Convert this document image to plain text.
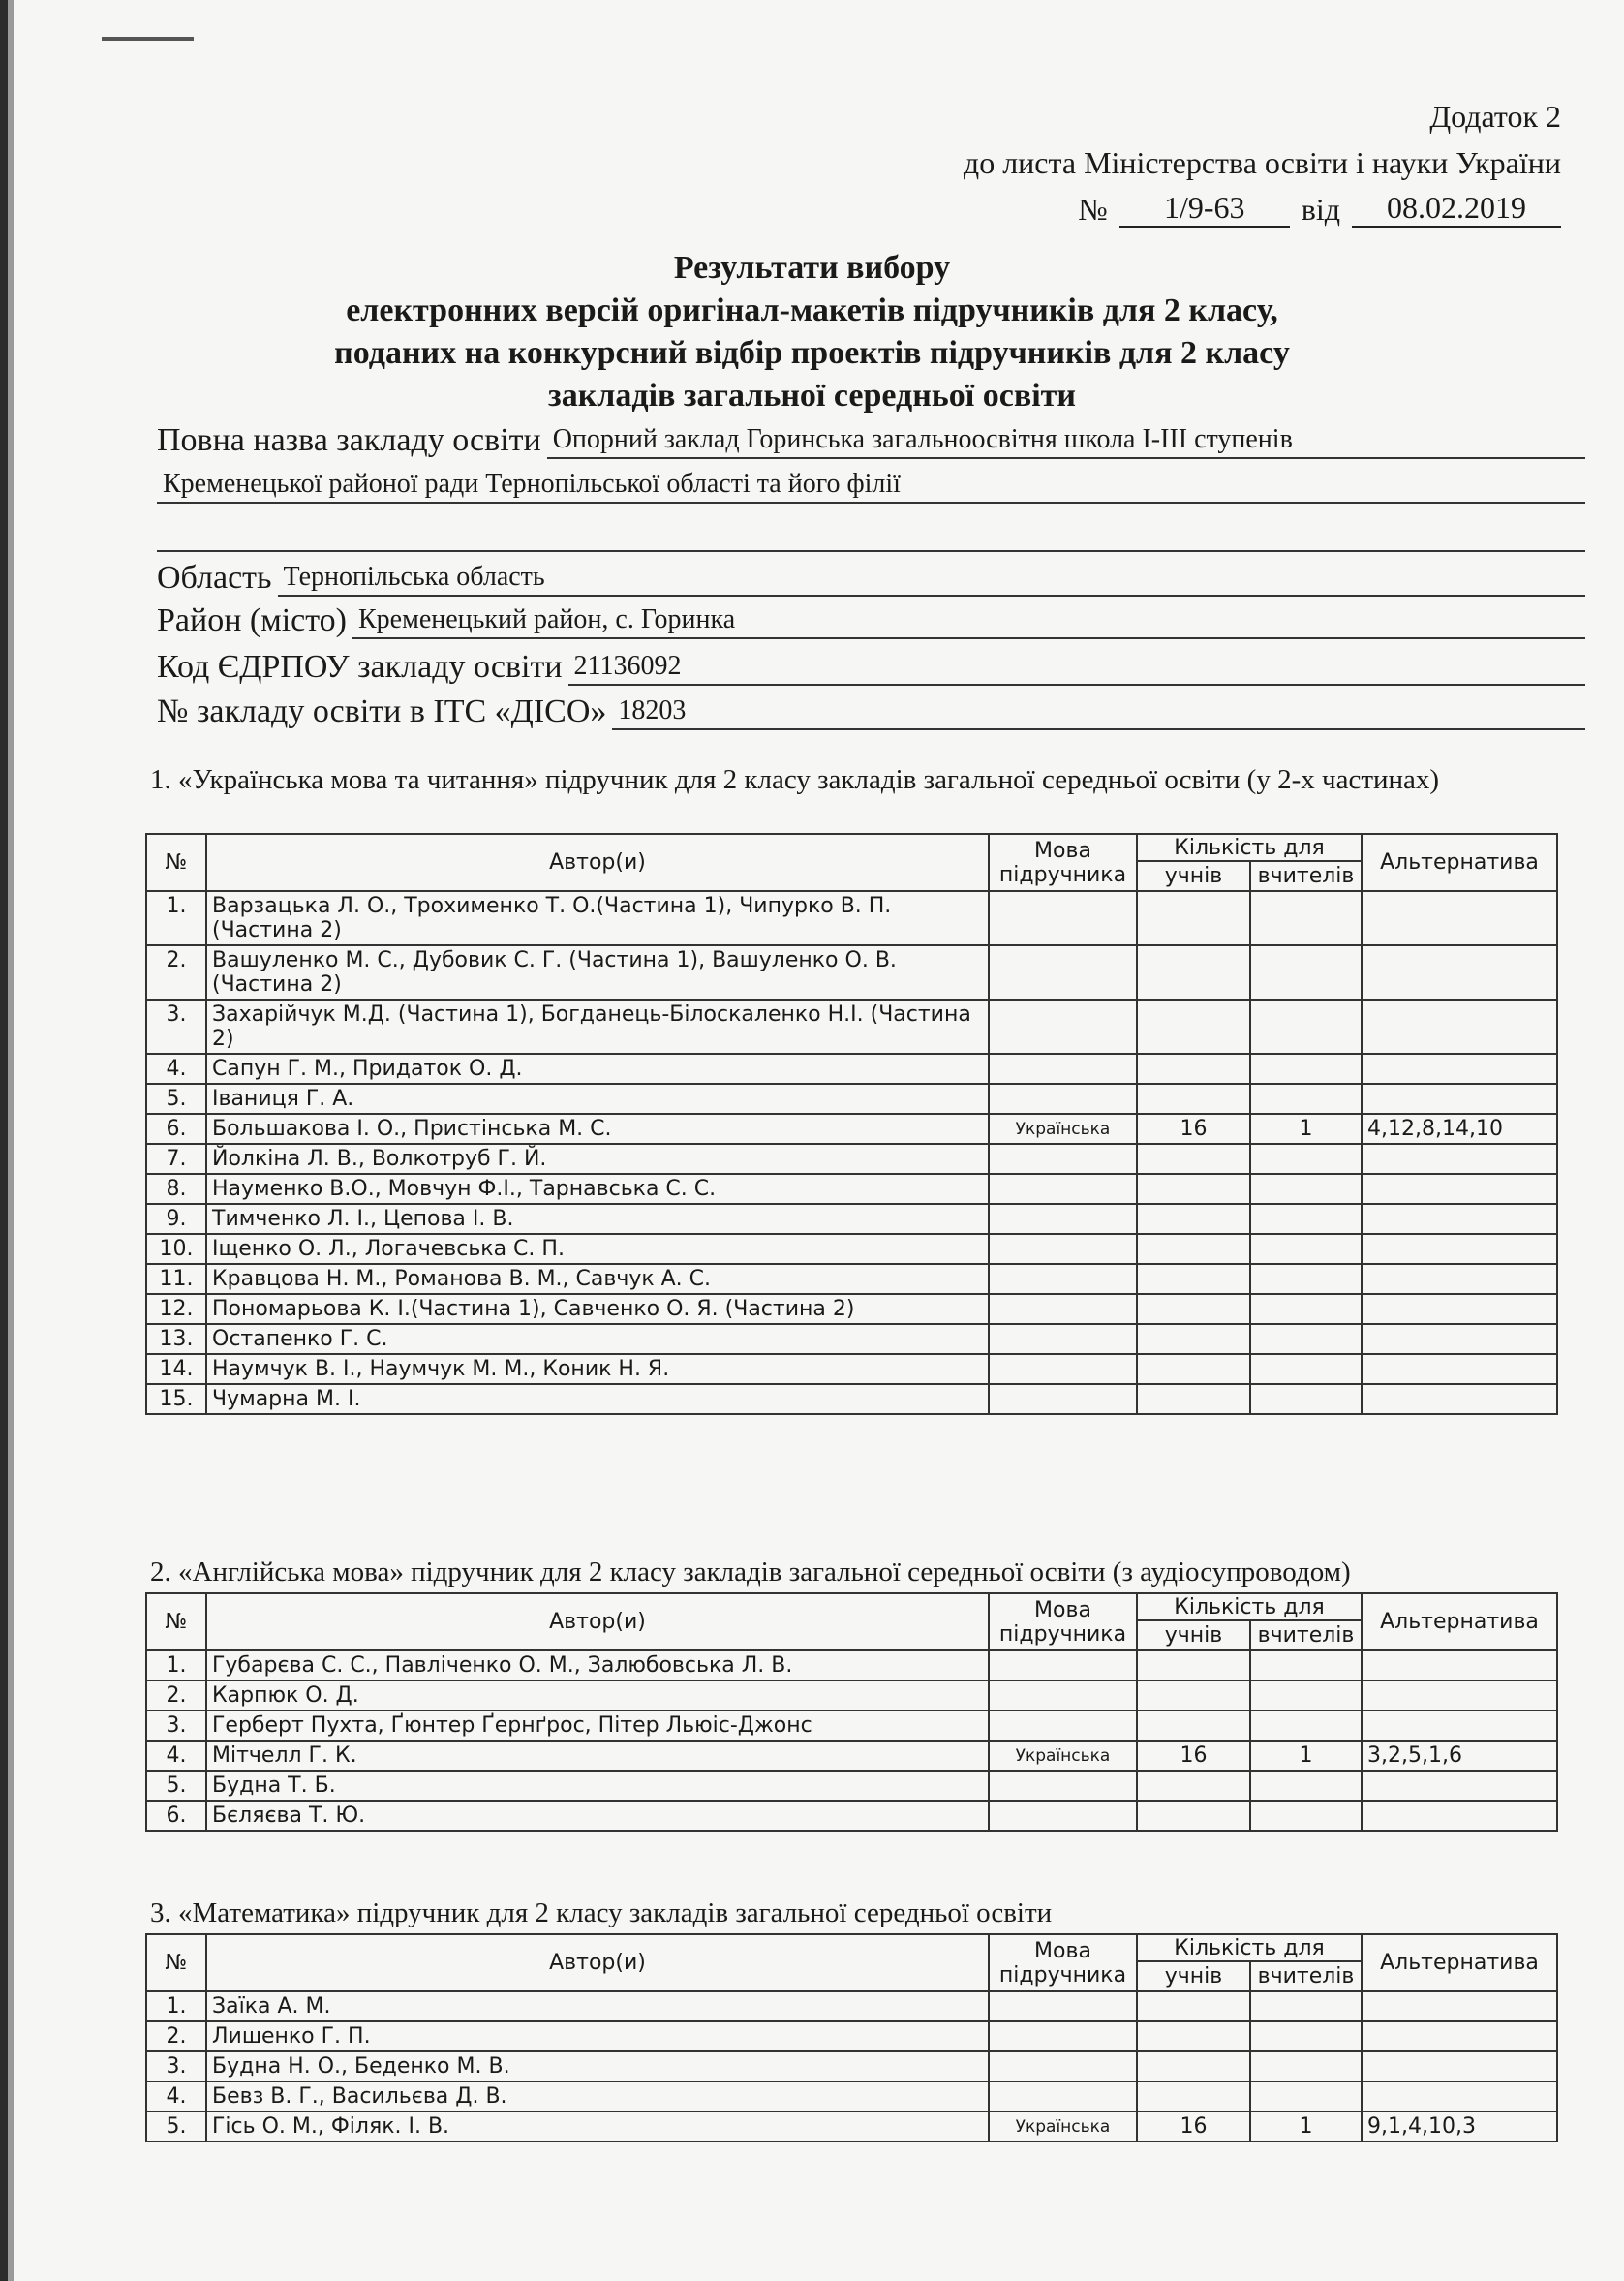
Додаток 2
до листа Міністерства освіти і науки України
№	1/9-63	від	08.02.2019
Результати вибору
електронних версій оригінал-макетів підручників для 2 класу,
поданих на конкурсний відбір проектів підручників для 2 класу
закладів загальної середньої освіти
Повна назва закладу освіти Опорний заклад Горинська загальноосвітня школа І-ІІІ ступенів
Кременецької районої ради Тернопільської області та його філії
Область Тернопільська область
Район (місто) Кременецький район, с. Горинка
Код ЄДРПОУ закладу освіти 21136092
№ закладу освіти в ІТС «ДІСО» 18203
1. «Українська мова та читання» підручник для 2 класу закладів загальної середньої освіти (у 2-х частинах)
2. «Англійська мова» підручник для 2 класу закладів загальної середньої освіти (з аудіосупроводом)
3. «Математика» підручник для 2 класу закладів загальної середньої освіти
№	Автор(и)	Мова підручника	Кількість для		Альтернатива
			учнів	вчителів	
1.	Варзацька Л. О., Трохименко Т. О.(Частина 1), Чипурко В. П. (Частина 2)				
2.	Вашуленко М. С., Дубовик С. Г. (Частина 1), Вашуленко О. В. (Частина 2)				
3.	Захарійчук М.Д. (Частина 1), Богданець-Білоскаленко Н.І. (Частина 2)				
4.	Сапун Г. М., Придаток О. Д.				
5.	Іваниця Г. А.				
6.	Большакова І. О., Пристінська М. С.	Українська	16	1	4,12,8,14,10
7.	Йолкіна Л. В., Волкотруб Г. Й.				
8.	Науменко В.О., Мовчун Ф.І., Тарнавська С. С.				
9.	Тимченко Л. І., Цепова І. В.				
10.	Іщенко О. Л., Логачевська С. П.				
11.	Кравцова Н. М., Романова В. М., Савчук А. С.				
12.	Пономарьова К. І.(Частина 1), Савченко О. Я. (Частина 2)				
13.	Остапенко Г. С.				
14.	Наумчук В. І., Наумчук М. М., Коник Н. Я.				
15.	Чумарна М. І.				
№	Автор(и)	Мова підручника	Кількість для		Альтернатива
			учнів	вчителів	
1.	Губарєва С. С., Павліченко О. М., Залюбовська Л. В.				
2.	Карпюк О. Д.				
3.	Герберт Пухта, Ґюнтер Ґернґрос, Пітер Льюіс-Джонс				
4.	Мітчелл Г. К.	Українська	16	1	3,2,5,1,6
5.	Будна Т. Б.				
6.	Бєляєва Т. Ю.				
№	Автор(и)	Мова підручника	Кількість для		Альтернатива
			учнів	вчителів	
1.	Заїка А. М.				
2.	Лишенко Г. П.				
3.	Будна Н. О., Беденко М. В.				
4.	Бевз В. Г., Васильєва Д. В.				
5.	Гісь О. М., Філяк. І. В.	Українська	16	1	9,1,4,10,3
